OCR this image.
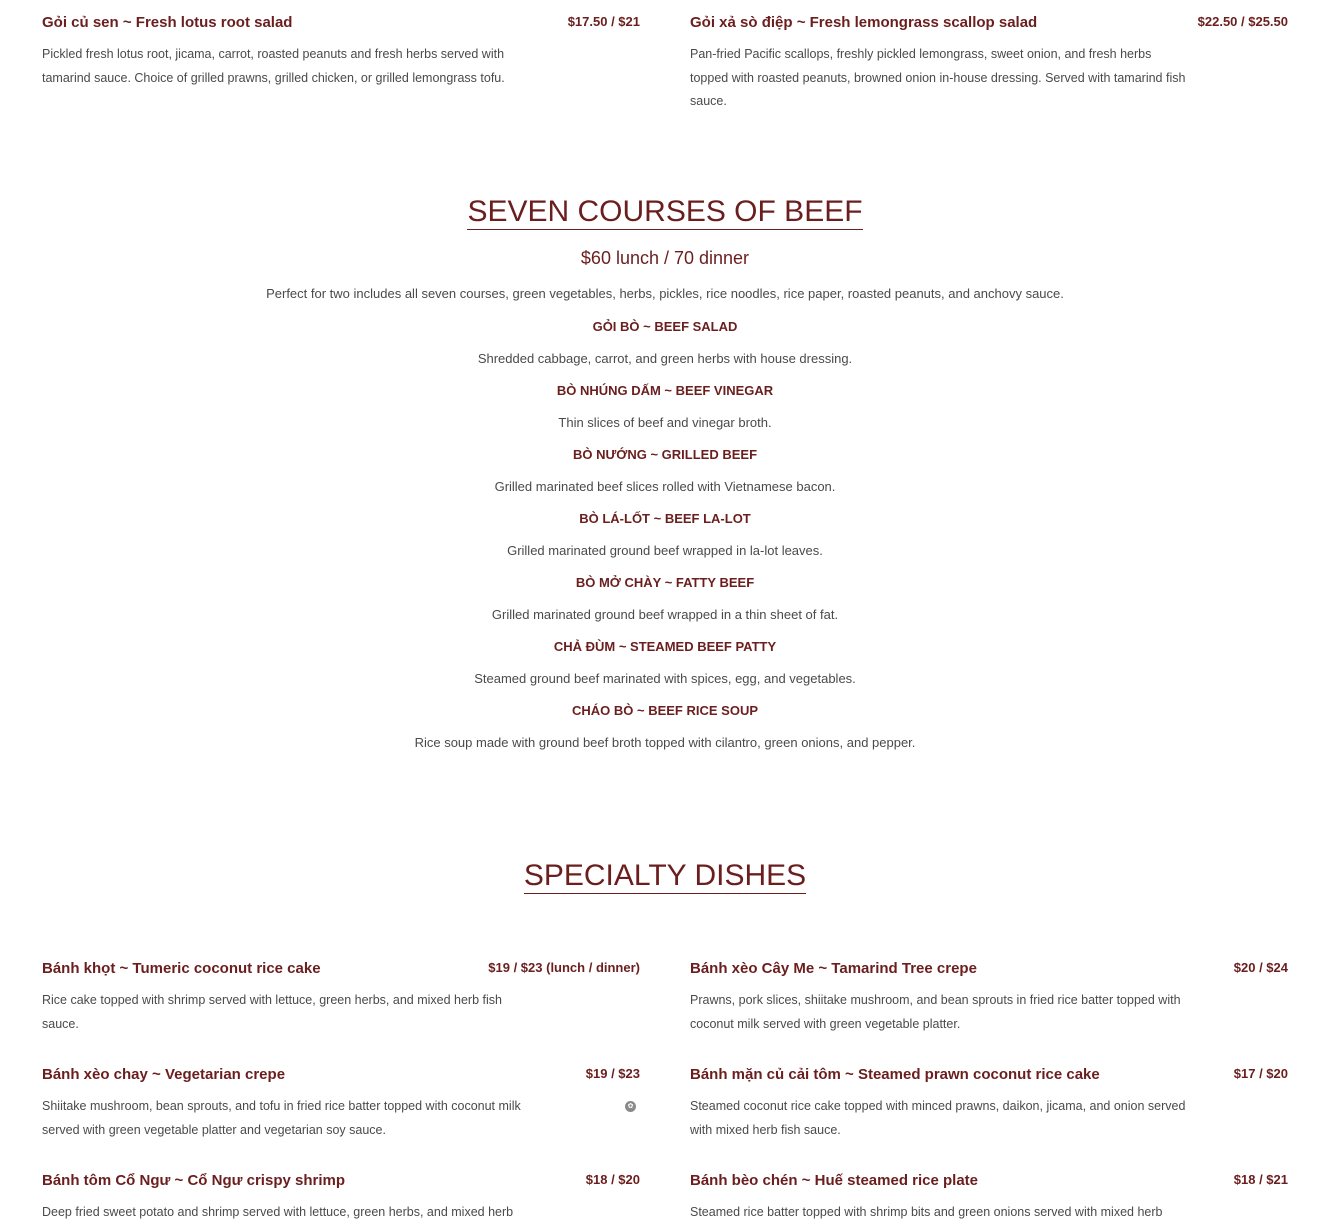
Gỏi củ sen ~ Fresh lotus root salad	$17.50 / $21
Pickled fresh lotus root, jicama, carrot, roasted peanuts and fresh herbs served with tamarind sauce. Choice of grilled prawns, grilled chicken, or grilled lemongrass tofu.
Gỏi xả sò điệp ~ Fresh lemongrass scallop salad	$22.50 / $25.50
Pan-fried Pacific scallops, freshly pickled lemongrass, sweet onion, and fresh herbs topped with roasted peanuts, browned onion in-house dressing. Served with tamarind fish sauce.
SEVEN COURSES OF BEEF
$60 lunch / 70 dinner
Perfect for two includes all seven courses, green vegetables, herbs, pickles, rice noodles, rice paper, roasted peanuts, and anchovy sauce.
GỎI BÒ ~ BEEF SALAD
Shredded cabbage, carrot, and green herbs with house dressing.
BÒ NHÚNG DẤM ~ BEEF VINEGAR
Thin slices of beef and vinegar broth.
BÒ NƯỚNG ~ GRILLED BEEF
Grilled marinated beef slices rolled with Vietnamese bacon.
BÒ LÁ-LỐT ~ BEEF LA-LOT
Grilled marinated ground beef wrapped in la-lot leaves.
BÒ MỞ CHÀY ~ FATTY BEEF
Grilled marinated ground beef wrapped in a thin sheet of fat.
CHẢ ĐÙM ~ STEAMED BEEF PATTY
Steamed ground beef marinated with spices, egg, and vegetables.
CHÁO BÒ ~ BEEF RICE SOUP
Rice soup made with ground beef broth topped with cilantro, green onions, and pepper.
SPECIALTY DISHES
Bánh khọt ~ Tumeric coconut rice cake	$19 / $23 (lunch / dinner)
Rice cake topped with shrimp served with lettuce, green herbs, and mixed herb fish sauce.
Bánh xèo Cây Me ~ Tamarind Tree crepe	$20 / $24
Prawns, pork slices, shiitake mushroom, and bean sprouts in fried rice batter topped with coconut milk served with green vegetable platter.
Bánh xèo chay ~ Vegetarian crepe	$19 / $23
Shiitake mushroom, bean sprouts, and tofu in fried rice batter topped with coconut milk served with green vegetable platter and vegetarian soy sauce.
✿
Bánh mặn củ cải tôm ~ Steamed prawn coconut rice cake	$17 / $20
Steamed coconut rice cake topped with minced prawns, daikon, jicama, and onion served with mixed herb fish sauce.
Bánh tôm Cổ Ngư ~ Cổ Ngư crispy shrimp	$18 / $20
Deep fried sweet potato and shrimp served with lettuce, green herbs, and mixed herb
Bánh bèo chén ~ Huế steamed rice plate	$18 / $21
Steamed rice batter topped with shrimp bits and green onions served with mixed herb
